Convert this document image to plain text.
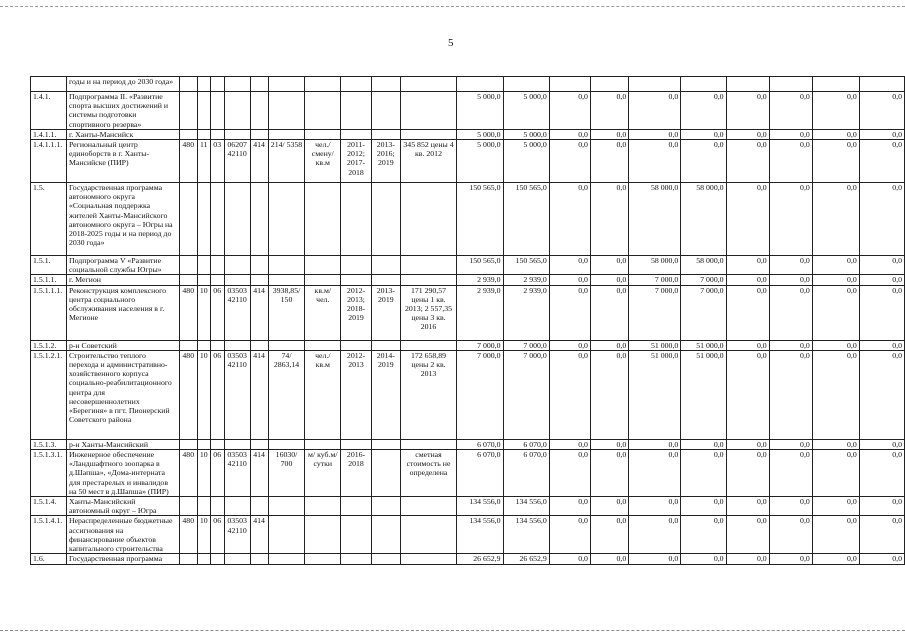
5
	годы и на период до 2030 года»																				
1.4.1.	Подпрограмма II. «Развитие спорта высших достижений и системы подготовки спортивного резерва»											5 000,0	5 000,0	0,0	0,0	0,0	0,0	0,0	0,0	0,0	0,0
1.4.1.1.	г. Ханты-Мансийск											5 000,0	5 000,0	0,0	0,0	0,0	0,0	0,0	0,0	0,0	0,0
1.4.1.1.1.	Региональный центр единоборств в г. Ханты-Мансийске (ПИР)	480	11	03	06207 42110	414	214/ 5358	чел./ смену/ кв.м	2011- 2012; 2017- 2018	2013- 2016; 2019	345 852 цены 4 кв. 2012	5 000,0	5 000,0	0,0	0,0	0,0	0,0	0,0	0,0	0,0	0,0
1.5.	Государственная программа автономного округа «Социальная поддержка жителей Ханты-Мансийского автономного округа – Югры на 2018-2025 годы и на период до 2030 года»											150 565,0	150 565,0	0,0	0,0	58 000,0	58 000,0	0,0	0,0	0,0	0,0
1.5.1.	Подпрограмма V «Развитие социальной службы Югры»											150 565,0	150 565,0	0,0	0,0	58 000,0	58 000,0	0,0	0,0	0,0	0,0
1.5.1.1.	г. Мегион											2 939,0	2 939,0	0,0	0,0	7 000,0	7 000,0	0,0	0,0	0,0	0,0
1.5.1.1.1.	Реконструкция комплексного центра социального обслуживания населения в г. Мегионе	480	10	06	03503 42110	414	3938,85/ 150	кв.м/ чел.	2012- 2013; 2018- 2019	2013- 2019	171 290,57 цены 1 кв. 2013; 2 557,35 цены 3 кв. 2016	2 939,0	2 939,0	0,0	0,0	7 000,0	7 000,0	0,0	0,0	0,0	0,0
1.5.1.2.	р-н Советский											7 000,0	7 000,0	0,0	0,0	51 000,0	51 000,0	0,0	0,0	0,0	0,0
1.5.1.2.1.	Строительство теплого перехода и административно-хозяйственного корпуса социально-реабилитационного центра для несовершеннолетних «Берегиня» в пгт. Пионерский Советского района	480	10	06	03503 42110	414	74/ 2863,14	чел./ кв.м	2012- 2013	2014- 2019	172 658,89 цены 2 кв. 2013	7 000,0	7 000,0	0,0	0,0	51 000,0	51 000,0	0,0	0,0	0,0	0,0
1.5.1.3.	р-н Ханты-Мансийский											6 070,0	6 070,0	0,0	0,0	0,0	0,0	0,0	0,0	0,0	0,0
1.5.1.3.1.	Инженерное обеспечение «Ландшафтного зоопарка в д.Шапша», «Дома-интерната для престарелых и инвалидов на 50 мест в д.Шапша» (ПИР)	480	10	06	03503 42110	414	16030/ 700	м/ куб.м/ сутки	2016- 2018		сметная стоимость не определена	6 070,0	6 070,0	0,0	0,0	0,0	0,0	0,0	0,0	0,0	0,0
1.5.1.4.	Ханты-Мансийский автономный округ – Югра											134 556,0	134 556,0	0,0	0,0	0,0	0,0	0,0	0,0	0,0	0,0
1.5.1.4.1.	Нераспределенные бюджетные ассигнования на финансирование объектов капитального строительства	480	10	06	03503 42110	414						134 556,0	134 556,0	0,0	0,0	0,0	0,0	0,0	0,0	0,0	0,0
1.6.	Государственная программа											26 652,9	26 652,9	0,0	0,0	0,0	0,0	0,0	0,0	0,0	0,0
